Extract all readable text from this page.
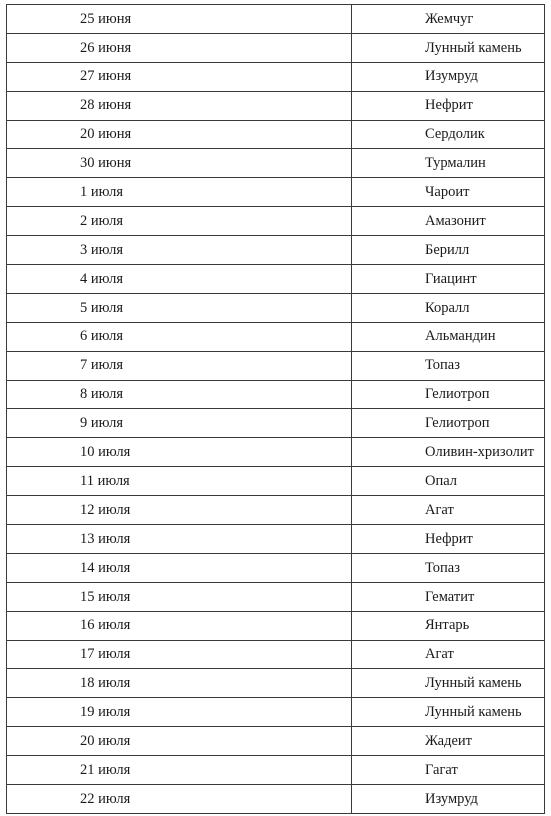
25 июня	Жемчуг
26 июня	Лунный камень
27 июня	Изумруд
28 июня	Нефрит
20 июня	Сердолик
30 июня	Турмалин
1 июля	Чароит
2 июля	Амазонит
3 июля	Берилл
4 июля	Гиацинт
5 июля	Коралл
6 июля	Альмандин
7 июля	Топаз
8 июля	Гелиотроп
9 июля	Гелиотроп
10 июля	Оливин-хризолит
11 июля	Опал
12 июля	Агат
13 июля	Нефрит
14 июля	Топаз
15 июля	Гематит
16 июля	Янтарь
17 июля	Агат
18 июля	Лунный камень
19 июля	Лунный камень
20 июля	Жадеит
21 июля	Гагат
22 июля	Изумруд
